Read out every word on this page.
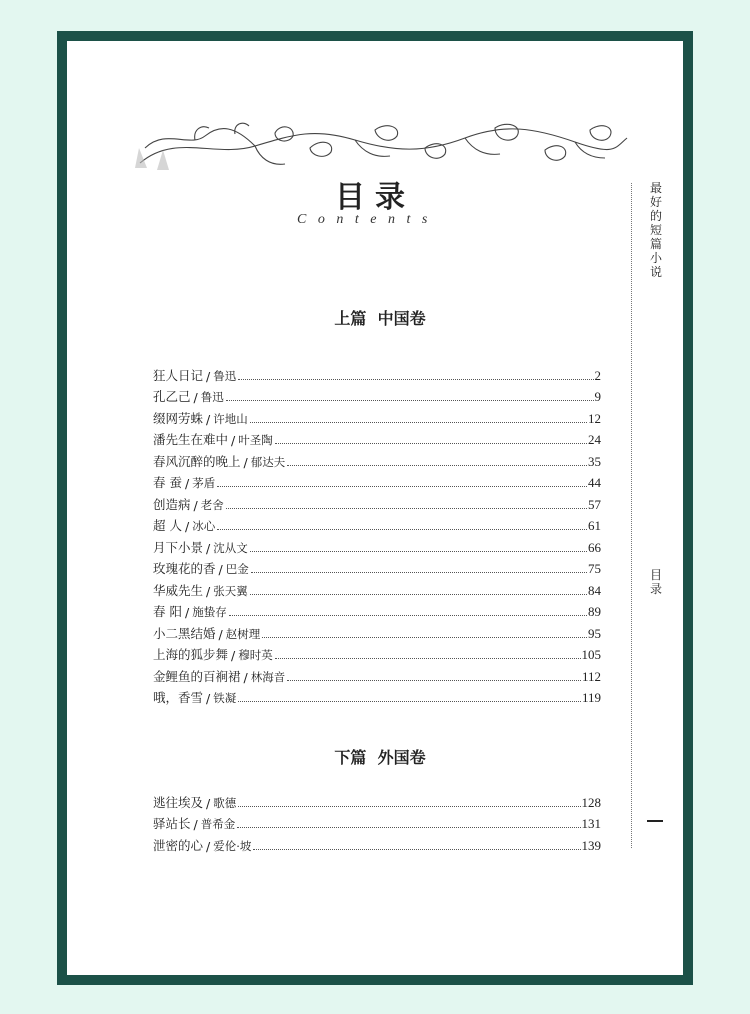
目录
Contents
上篇  中国卷
狂人日记 / 鲁迅	2
孔乙己 / 鲁迅	9
缀网劳蛛 / 许地山	12
潘先生在难中 / 叶圣陶	24
春风沉醉的晚上 / 郁达夫	35
春 蚕 / 茅盾	44
创造病 / 老舍	57
超 人 / 冰心	61
月下小景 / 沈从文	66
玫瑰花的香 / 巴金	75
华威先生 / 张天翼	84
春 阳 / 施蛰存	89
小二黑结婚 / 赵树理	95
上海的狐步舞 / 穆时英	105
金鲤鱼的百裥裙 / 林海音	112
哦，香雪 / 铁凝	119
下篇  外国卷
逃往埃及 / 歌德	128
驿站长 / 普希金	131
泄密的心 / 爱伦·坡	139
最好的短篇小说
目录
